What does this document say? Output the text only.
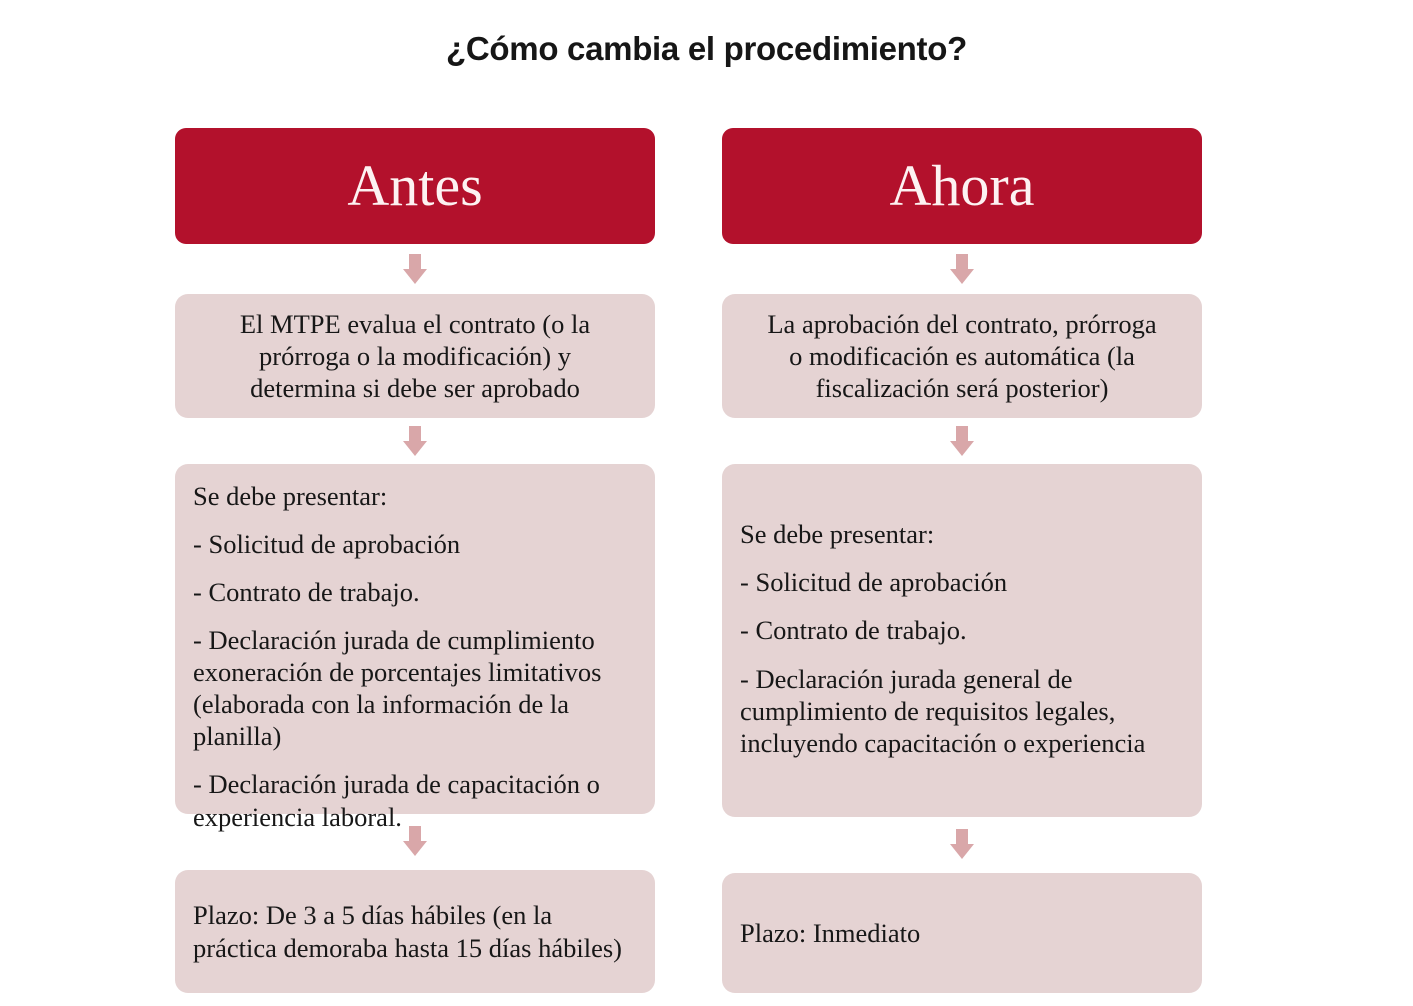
¿Cómo cambia el procedimiento?
Antes
El MTPE evalua el contrato (o la
prórroga o la modificación) y
determina si debe ser aprobado

Se debe presentar:

- Solicitud de aprobación

- Contrato de trabajo.

- Declaración jurada de cumplimiento exoneración de porcentajes limitativos (elaborada con la información de la planilla)

- Declaración jurada de capacitación o experiencia laboral.

Plazo: De 3 a 5 días hábiles (en la práctica demoraba hasta 15 días hábiles)
Ahora
La aprobación del contrato, prórroga
o modificación es automática (la
fiscalización será posterior)

Se debe presentar:

- Solicitud de aprobación

- Contrato de trabajo.

- Declaración jurada general de cumplimiento de requisitos legales, incluyendo capacitación o experiencia

Plazo: Inmediato
